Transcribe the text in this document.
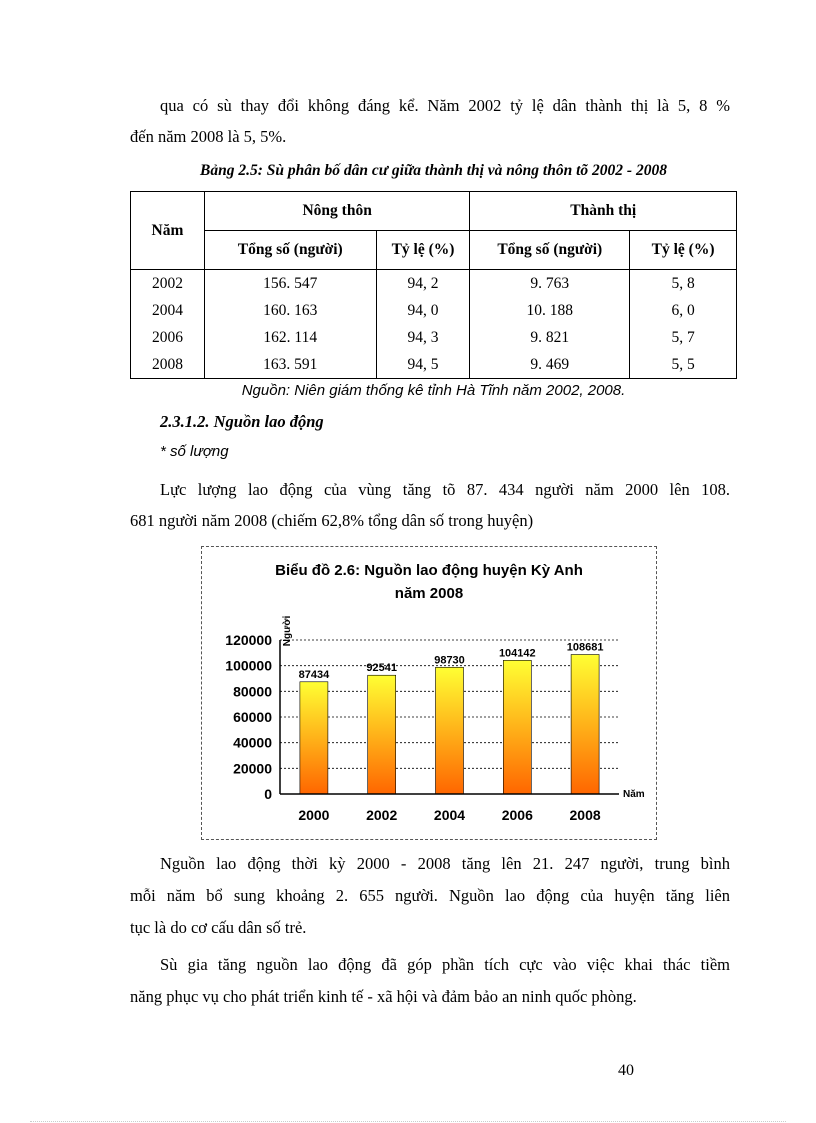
qua có sù thay đổi không đáng kể. Năm 2002 tỷ lệ dân thành thị là 5, 8 %
đến năm 2008 là 5, 5%.
Bảng 2.5: Sù phân bố dân cư giữa thành thị và nông thôn tõ 2002 - 2008
Năm	Nông thôn		Thành thị	
	Tổng số (người)	Tỷ lệ (%)	Tổng số (người)	Tỷ lệ (%)
2002	156. 547	94, 2	9. 763	5, 8
2004	160. 163	94, 0	10. 188	6, 0
2006	162. 114	94, 3	9. 821	5, 7
2008	163. 591	94, 5	9. 469	5, 5
Nguồn: Niên giám thống kê tỉnh Hà Tĩnh năm 2002, 2008.
2.3.1.2. Nguồn lao động
* số lượng
Lực lượng lao động của vùng tăng tõ 87. 434 người năm 2000 lên 108.
681 người năm 2008 (chiếm 62,8% tổng dân số trong huyện)
Biểu đồ 2.6: Nguồn lao động huyện Kỳ Anh
năm 2008
Người
0
20000
40000
60000
80000
100000
120000
87434
92541
98730
104142	108681
2000	2002	2004	2006	2008
Năm
Nguồn lao động thời kỳ 2000 - 2008 tăng lên 21. 247 người, trung bình
mỗi năm bổ sung khoảng 2. 655 người. Nguồn lao động của huyện tăng liên
tục là do cơ cấu dân số trẻ.
Sù gia tăng nguồn lao động đã góp phần tích cực vào việc khai thác tiềm
năng phục vụ cho phát triển kinh tế - xã hội và đảm bảo an ninh quốc phòng.
40
